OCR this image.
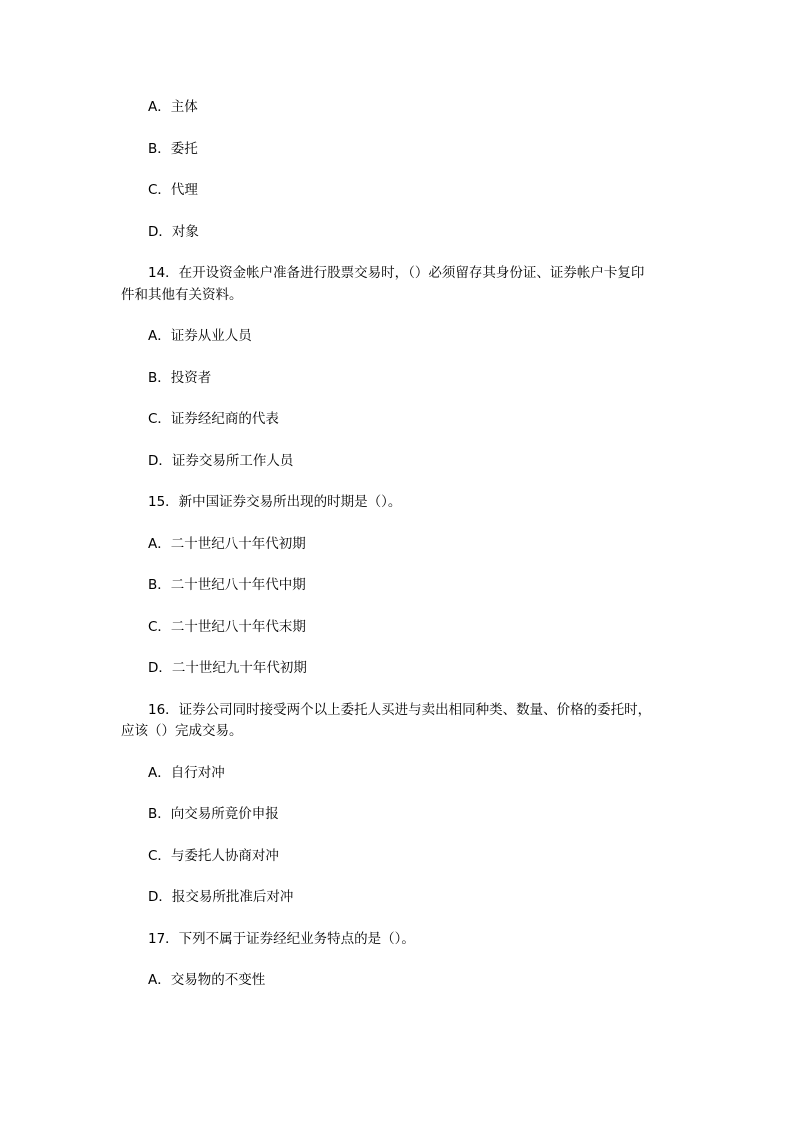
A．主体
B．委托
C．代理
D．对象
14．在开设资金帐户准备进行股票交易时，（）必须留存其身份证、证券帐户卡复印
件和其他有关资料。
A．证券从业人员
B．投资者
C．证券经纪商的代表
D．证券交易所工作人员
15．新中国证券交易所出现的时期是（）。
A．二十世纪八十年代初期
B．二十世纪八十年代中期
C．二十世纪八十年代末期
D．二十世纪九十年代初期
16．证券公司同时接受两个以上委托人买进与卖出相同种类、数量、价格的委托时，
应该（）完成交易。
A．自行对冲
B．向交易所竟价申报
C．与委托人协商对冲
D．报交易所批准后对冲
17．下列不属于证券经纪业务特点的是（）。
A．交易物的不变性
